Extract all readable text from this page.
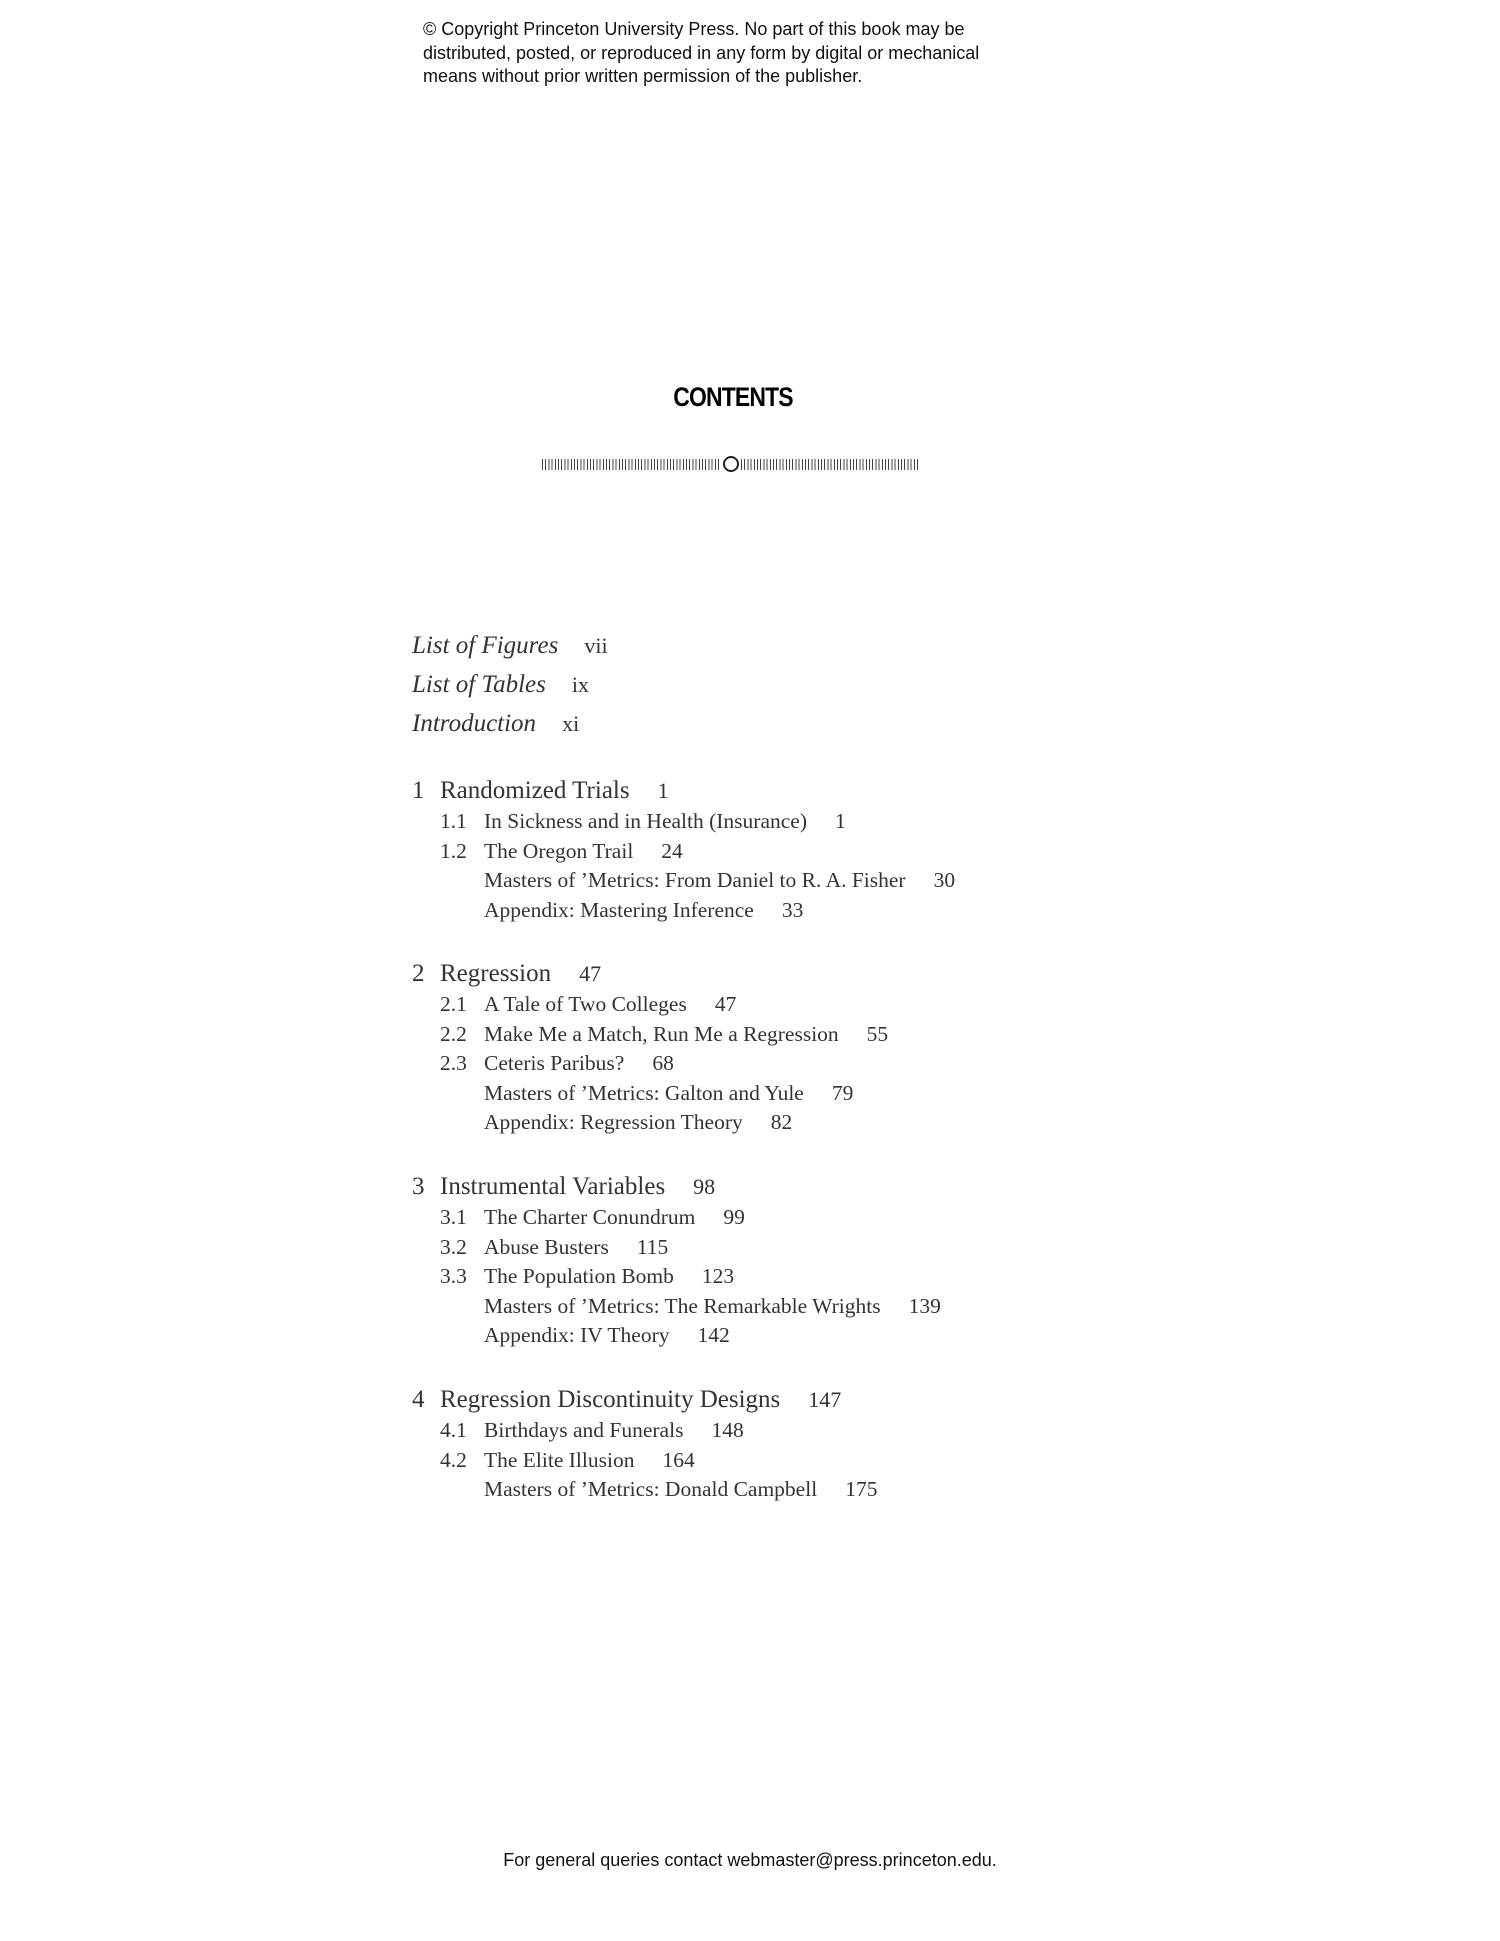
© Copyright Princeton University Press. No part of this book may be
distributed, posted, or reproduced in any form by digital or mechanical
means without prior written permission of the publisher.
CONTENTS
List of Figures vii
List of Tables ix
Introduction xi
1 Randomized Trials 1
1.1 In Sickness and in Health (Insurance) 1
1.2 The Oregon Trail 24
Masters of ’Metrics: From Daniel to R. A. Fisher 30
Appendix: Mastering Inference 33
2 Regression 47
2.1 A Tale of Two Colleges 47
2.2 Make Me a Match, Run Me a Regression 55
2.3 Ceteris Paribus? 68
Masters of ’Metrics: Galton and Yule 79
Appendix: Regression Theory 82
3 Instrumental Variables 98
3.1 The Charter Conundrum 99
3.2 Abuse Busters 115
3.3 The Population Bomb 123
Masters of ’Metrics: The Remarkable Wrights 139
Appendix: IV Theory 142
4 Regression Discontinuity Designs 147
4.1 Birthdays and Funerals 148
4.2 The Elite Illusion 164
Masters of ’Metrics: Donald Campbell 175
For general queries contact webmaster@press.princeton.edu.
